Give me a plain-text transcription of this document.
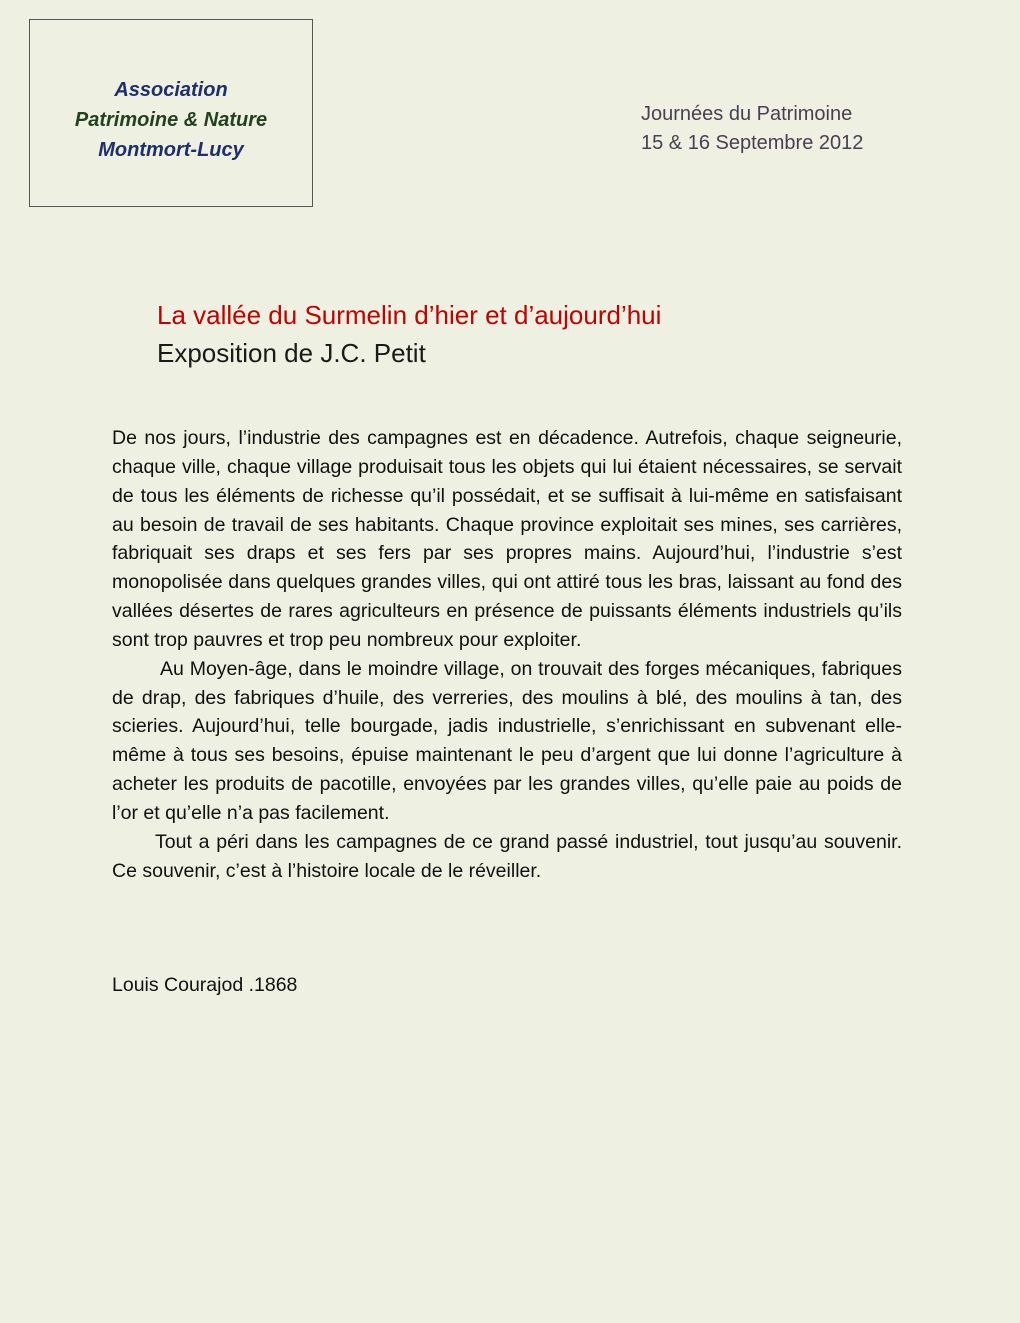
Association
Patrimoine & Nature
Montmort-Lucy
Journées du Patrimoine
15 & 16 Septembre 2012
La vallée du Surmelin d’hier et d’aujourd’hui
Exposition de J.C. Petit

De nos jours, l’industrie des campagnes est en décadence. Autrefois, chaque seigneurie, chaque ville, chaque village produisait tous les objets qui lui étaient nécessaires, se servait de tous les éléments de richesse qu’il possédait, et se suffisait à lui-même en satisfaisant au besoin de travail de ses habitants. Chaque province exploitait ses mines, ses carrières, fabriquait ses draps et ses fers par ses propres mains. Aujourd’hui, l’industrie s’est monopolisée dans quelques grandes villes, qui ont attiré tous les bras, laissant au fond des vallées désertes de rares agriculteurs en présence de puissants éléments industriels qu’ils sont trop pauvres et trop peu nombreux pour exploiter.

Au Moyen-âge, dans le moindre village, on trouvait des forges mécaniques, fabriques de drap, des fabriques d’huile, des verreries, des moulins à blé, des moulins à tan, des scieries. Aujourd’hui, telle bourgade, jadis industrielle, s’enrichissant en subvenant elle-même à tous ses besoins, épuise maintenant le peu d’argent que lui donne l’agriculture à acheter les produits de pacotille, envoyées par les grandes villes, qu’elle paie au poids de l’or et qu’elle n’a pas facilement.

Tout a péri dans les campagnes de ce grand passé industriel, tout jusqu’au souvenir. Ce souvenir, c’est à l’histoire locale de le réveiller.

Louis Courajod .1868
